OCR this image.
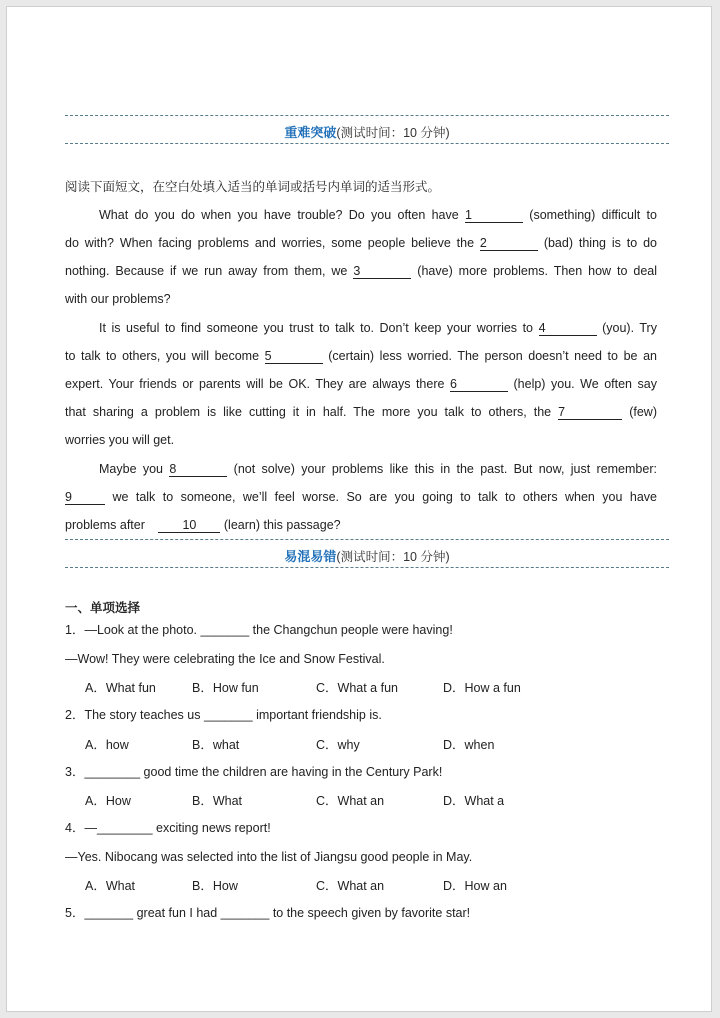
重难突破(测试时间：10 分钟)
阅读下面短文，在空白处填入适当的单词或括号内单词的适当形式。
What do you do when you have trouble? Do you often have 1	(something) difficult to
do with? When facing problems and worries, some people believe the 2	(bad) thing is to do
nothing. Because if we run away from them, we 3	(have) more problems. Then how to deal
with our problems?
It is useful to find someone you trust to talk to. Don’t keep your worries to 4	(you). Try
to talk to others, you will become 5	(certain) less worried. The person doesn’t need to be an
expert. Your friends or parents will be OK. They are always there 6	(help) you. We often say
that sharing a problem is like cutting it in half. The more you talk to others, the 7	(few)
worries you will get.
Maybe you 8	(not solve) your problems like this in the past. But now, just remember:
9	we talk to someone, we’ll feel worse. So are you going to talk to others when you have
problems after	10 (learn) this passage?
易混易错(测试时间：10 分钟)
一、单项选择
1．—Look at the photo. _______ the Changchun people were having!
—Wow! They were celebrating the Ice and Snow Festival.
A．What fun	B．How fun	C．What a fun	D．How a fun
2．The story teaches us _______ important friendship is.
A．how	B．what	C．why	D．when
3．________ good time the children are having in the Century Park!
A．How	B．What	C．What an	D．What a
4．—________ exciting news report!
—Yes. Nibocang was selected into the list of Jiangsu good people in May.
A．What	B．How	C．What an	D．How an
5．_______ great fun I had _______ to the speech given by favorite star!
